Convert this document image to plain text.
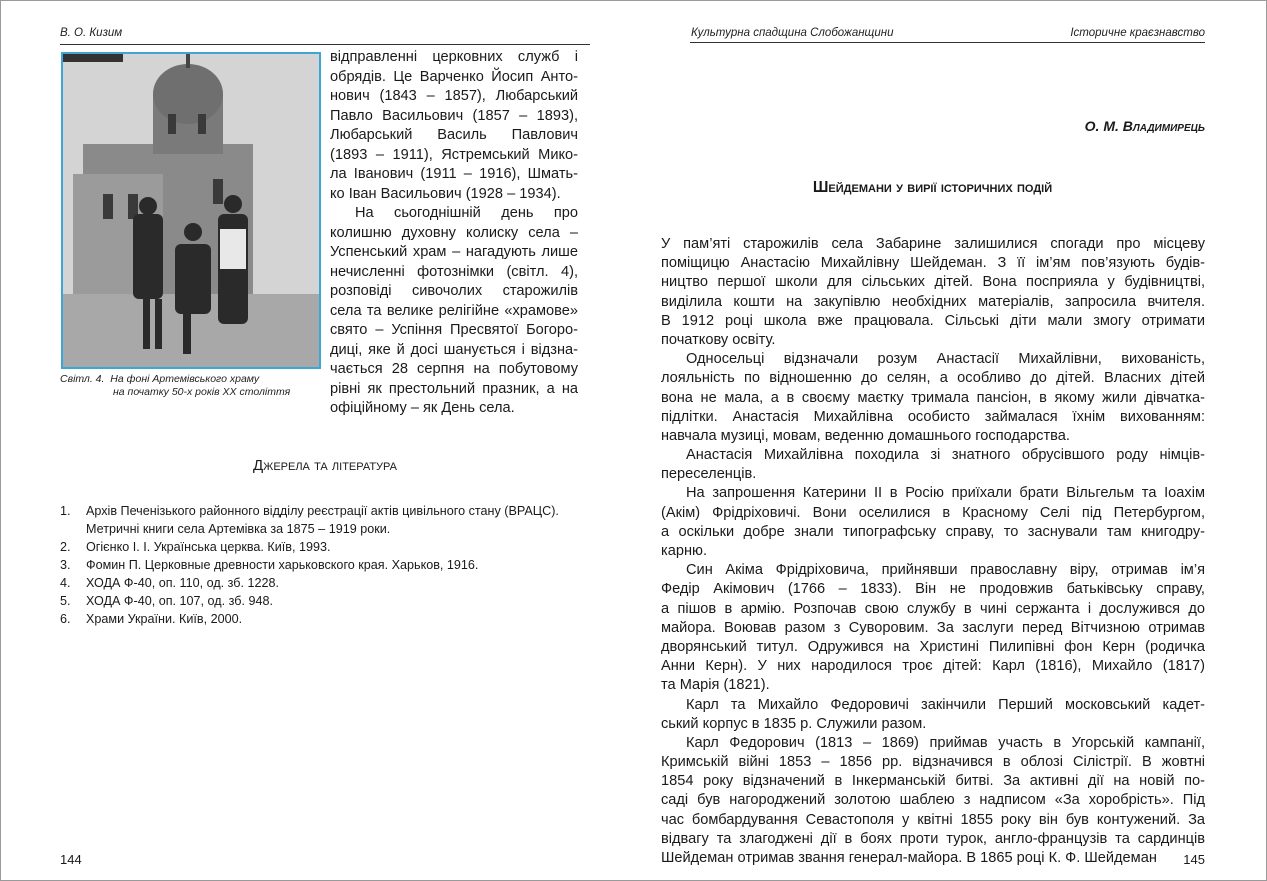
В. О. Кизим
Світл. 4. На фоні Артемівського храму
на початку 50-х років XX століття
відправленні церковних служб і
обрядів. Це Варченко Йосип Анто-
нович (1843 – 1857), Любарський
Павло Васильович (1857 – 1893),
Любарський Василь Павлович
(1893 – 1911), Ястремський Мико-
ла Іванович (1911 – 1916), Шмать-
ко Іван Васильович (1928 – 1934).
На сьогоднішній день про
колишню духовну колиску села –
Успенський храм – нагадують лише
нечисленні фотознімки (світл. 4),
розповіді сивочолих старожилів
села та велике релігійне «храмове»
свято – Успіння Пресвятої Богоро-
диці, яке й досі шанується і відзна-
чається 28 серпня на побутовому
рівні як престольний празник, а на
офіційному – як День села.
Джерела та література
1.	Архів Печенізького районного відділу реєстрації актів цивільного стану (ВРАЦС).
Метричні книги села Артемівка за 1875 – 1919 роки.
2.	Огієнко І. І. Українська церква. Київ, 1993.
3.	Фомин П. Церковные древности харьковского края. Харьков, 1916.
4.	ХОДА Ф-40, оп. 110, од. зб. 1228.
5.	ХОДА Ф-40, оп. 107, од. зб. 948.
6.	Храми України. Київ, 2000.
144
Культурна спадщина Слобожанщини	Історичне краєзнавство
О. М. Владимирець
Шейдемани у вирії історичних подій
У пам’яті старожилів села Забарине залишилися спогади про місцеву
поміщицю Анастасію Михайлівну Шейдеман. З її ім’ям пов’язують будів-
ництво першої школи для сільських дітей. Вона посприяла у будівництві,
виділила кошти на закупівлю необхідних матеріалів, запросила вчителя.
В 1912 році школа вже працювала. Сільські діти мали змогу отримати
початкову освіту.
Односельці відзначали розум Анастасії Михайлівни, вихованість,
лояльність по відношенню до селян, а особливо до дітей. Власних дітей
вона не мала, а в своєму маєтку тримала пансіон, в якому жили дівчатка-
підлітки. Анастасія Михайлівна особисто займалася їхнім вихованням:
навчала музиці, мовам, веденню домашнього господарства.
Анастасія Михайлівна походила зі знатного обрусівшого роду німців-
переселенців.
На запрошення Катерини II в Росію приїхали брати Вільгельм та Іоахім
(Акім) Фрідріховичі. Вони оселилися в Красному Селі під Петербургом,
а оскільки добре знали типографську справу, то заснували там книгодру-
карню.
Син Акіма Фрідріховича, прийнявши православну віру, отримав ім’я
Федір Акімович (1766 – 1833). Він не продовжив батьківську справу,
а пішов в армію. Розпочав свою службу в чині сержанта і дослужився до
майора. Воював разом з Суворовим. За заслуги перед Вітчизною отримав
дворянський титул. Одружився на Христині Пилипівні фон Керн (родичка
Анни Керн). У них народилося троє дітей: Карл (1816), Михайло (1817)
та Марія (1821).
Карл та Михайло Федоровичі закінчили Перший московський кадет-
ський корпус в 1835 р. Служили разом.
Карл Федорович (1813 – 1869) приймав участь в Угорській кампанії,
Кримській війні 1853 – 1856 рр. відзначився в облозі Сілістрії. В жовтні
1854 року відзначений в Інкерманській битві. За активні дії на новій по-
саді був нагороджений золотою шаблею з надписом «За хоробрість». Під
час бомбардування Севастополя у квітні 1855 року він був контужений. За
відвагу та злагоджені дії в боях проти турок, англо-французів та сардинців
Шейдеман отримав звання генерал-майора. В 1865 році К. Ф. Шейдеман	145
